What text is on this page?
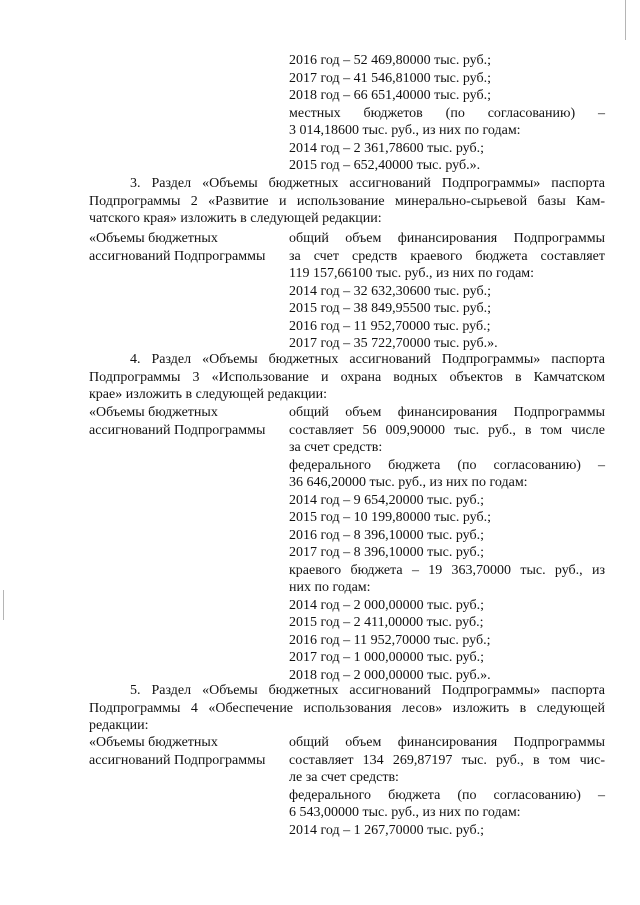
2016 год – 52 469,80000 тыс. руб.;
2017 год – 41 546,81000 тыс. руб.;
2018 год – 66 651,40000 тыс. руб.;
местных бюджетов (по согласованию) –
3 014,18600 тыс. руб., из них по годам:
2014 год – 2 361,78600 тыс. руб.;
2015 год – 652,40000 тыс. руб.».
3. Раздел «Объемы бюджетных ассигнований Подпрограммы» паспорта
Подпрограммы 2 «Развитие и использование минерально-сырьевой базы Кам-
чатского края» изложить в следующей редакции:
«Объемы бюджетных
ассигнований Подпрограммы
общий объем финансирования Подпрограммы
за счет средств краевого бюджета составляет
119 157,66100 тыс. руб., из них по годам:
2014 год – 32 632,30600 тыс. руб.;
2015 год – 38 849,95500 тыс. руб.;
2016 год – 11 952,70000 тыс. руб.;
2017 год – 35 722,70000 тыс. руб.».
4. Раздел «Объемы бюджетных ассигнований Подпрограммы» паспорта
Подпрограммы 3 «Использование и охрана водных объектов в Камчатском
крае» изложить в следующей редакции:
«Объемы бюджетных
ассигнований Подпрограммы
общий объем финансирования Подпрограммы
составляет 56 009,90000 тыс. руб., в том числе
за счет средств:
федерального бюджета (по согласованию) –
36 646,20000 тыс. руб., из них по годам:
2014 год – 9 654,20000 тыс. руб.;
2015 год – 10 199,80000 тыс. руб.;
2016 год – 8 396,10000 тыс. руб.;
2017 год – 8 396,10000 тыс. руб.;
краевого бюджета – 19 363,70000 тыс. руб., из
них по годам:
2014 год – 2 000,00000 тыс. руб.;
2015 год – 2 411,00000 тыс. руб.;
2016 год – 11 952,70000 тыс. руб.;
2017 год – 1 000,00000 тыс. руб.;
2018 год – 2 000,00000 тыс. руб.».
5. Раздел «Объемы бюджетных ассигнований Подпрограммы» паспорта
Подпрограммы 4 «Обеспечение использования лесов» изложить в следующей
редакции:
«Объемы бюджетных
ассигнований Подпрограммы
общий объем финансирования Подпрограммы
составляет 134 269,87197 тыс. руб., в том чис-
ле за счет средств:
федерального бюджета (по согласованию) –
6 543,00000 тыс. руб., из них по годам:
2014 год – 1 267,70000 тыс. руб.;
